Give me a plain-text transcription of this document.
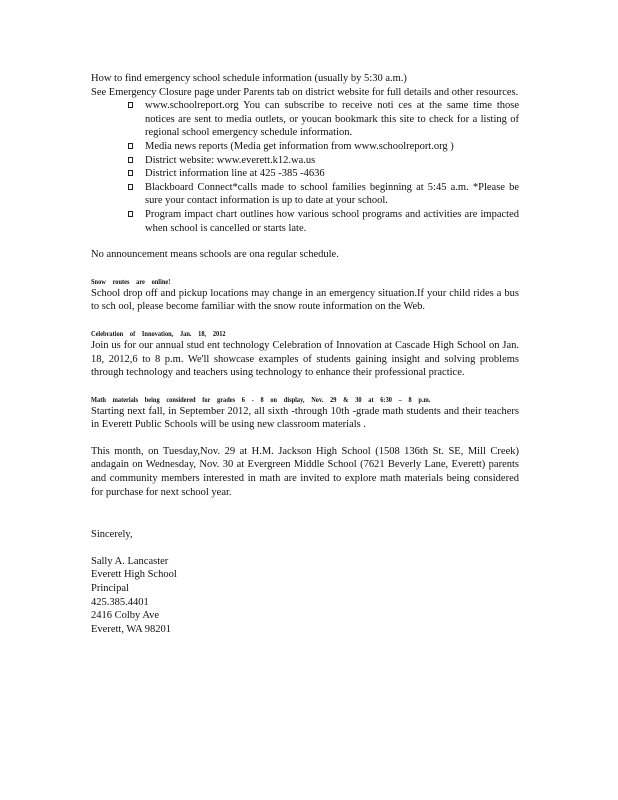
How to find emergency school schedule information (usually by 5:30 a.m.)

See Emergency Closure page under Parents tab on district website for full details and other resources.

www.schoolreport.org You can subscribe to receive noti ces at the same time those notices are sent to media outlets, or youcan bookmark this site to check for a listing of regional school emergency schedule information.
Media news reports (Media get information from www.schoolreport.org )
District website: www.everett.k12.wa.us
District information line at 425 -385 -4636
Blackboard Connect*calls made to school families beginning at 5:45 a.m. *Please be sure your contact information is up to date at your school.
Program impact chart outlines how various school programs and activities are impacted when school is cancelled or starts late.

No announcement means schools are ona regular schedule.

Snow routes are online!

School drop off and pickup locations may change in an emergency situation.If your child rides a bus to sch ool, please become familiar with the snow route information on the Web.

Celebration of Innovation, Jan. 18, 2012

Join us for our annual stud ent technology Celebration of Innovation at Cascade High School on Jan. 18, 2012,6 to 8 p.m. We'll showcase examples of students gaining insight and solving problems through technology and teachers using technology to enhance their professional practice.

Math materials being considered for grades 6 - 8 on display, Nov. 29 & 30 at 6:30 – 8 p.m.

Starting next fall, in September 2012, all sixth -through 10th -grade math students and their teachers in Everett Public Schools will be using new classroom materials .

This month, on Tuesday,Nov. 29 at H.M. Jackson High School (1508 136th St. SE, Mill Creek) andagain on Wednesday, Nov. 30 at Evergreen Middle School (7621 Beverly Lane, Everett) parents and community members interested in math are invited to explore math materials being considered for purchase for next school year.

Sincerely,

Sally A. Lancaster

Everett High School

Principal

425.385.4401

2416 Colby Ave

Everett, WA 98201
